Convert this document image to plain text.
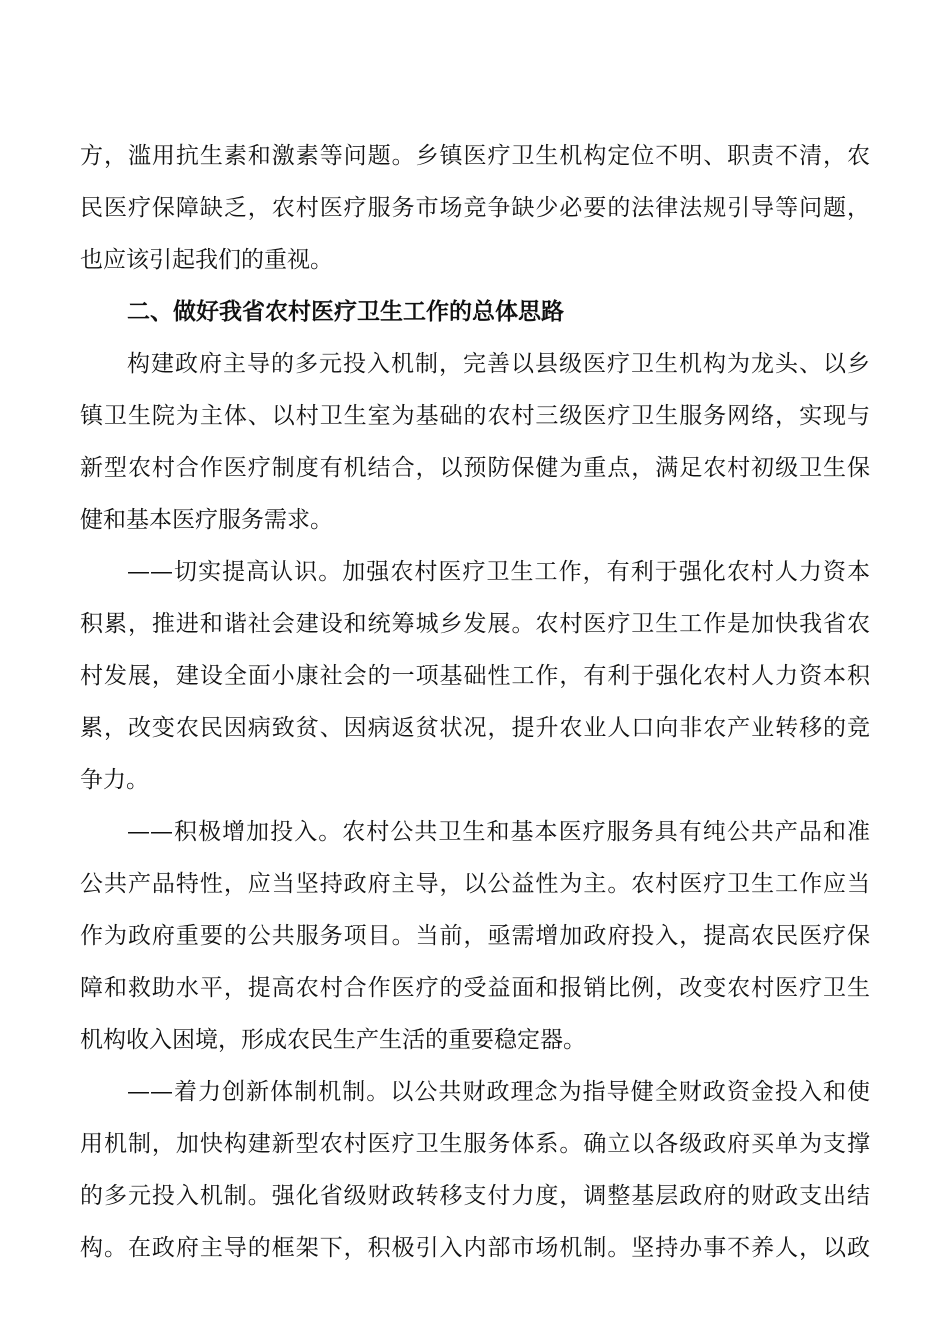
方，滥用抗生素和激素等问题。乡镇医疗卫生机构定位不明、职责不清，农
民医疗保障缺乏，农村医疗服务市场竞争缺少必要的法律法规引导等问题，
也应该引起我们的重视。
二、做好我省农村医疗卫生工作的总体思路
构建政府主导的多元投入机制，完善以县级医疗卫生机构为龙头、以乡
镇卫生院为主体、以村卫生室为基础的农村三级医疗卫生服务网络，实现与
新型农村合作医疗制度有机结合，以预防保健为重点，满足农村初级卫生保
健和基本医疗服务需求。
——切实提高认识。加强农村医疗卫生工作，有利于强化农村人力资本
积累，推进和谐社会建设和统筹城乡发展。农村医疗卫生工作是加快我省农
村发展，建设全面小康社会的一项基础性工作，有利于强化农村人力资本积
累，改变农民因病致贫、因病返贫状况，提升农业人口向非农产业转移的竞
争力。
——积极增加投入。农村公共卫生和基本医疗服务具有纯公共产品和准
公共产品特性，应当坚持政府主导，以公益性为主。农村医疗卫生工作应当
作为政府重要的公共服务项目。当前，亟需增加政府投入，提高农民医疗保
障和救助水平，提高农村合作医疗的受益面和报销比例，改变农村医疗卫生
机构收入困境，形成农民生产生活的重要稳定器。
——着力创新体制机制。以公共财政理念为指导健全财政资金投入和使
用机制，加快构建新型农村医疗卫生服务体系。确立以各级政府买单为支撑
的多元投入机制。强化省级财政转移支付力度，调整基层政府的财政支出结
构。在政府主导的框架下，积极引入内部市场机制。坚持办事不养人，以政
